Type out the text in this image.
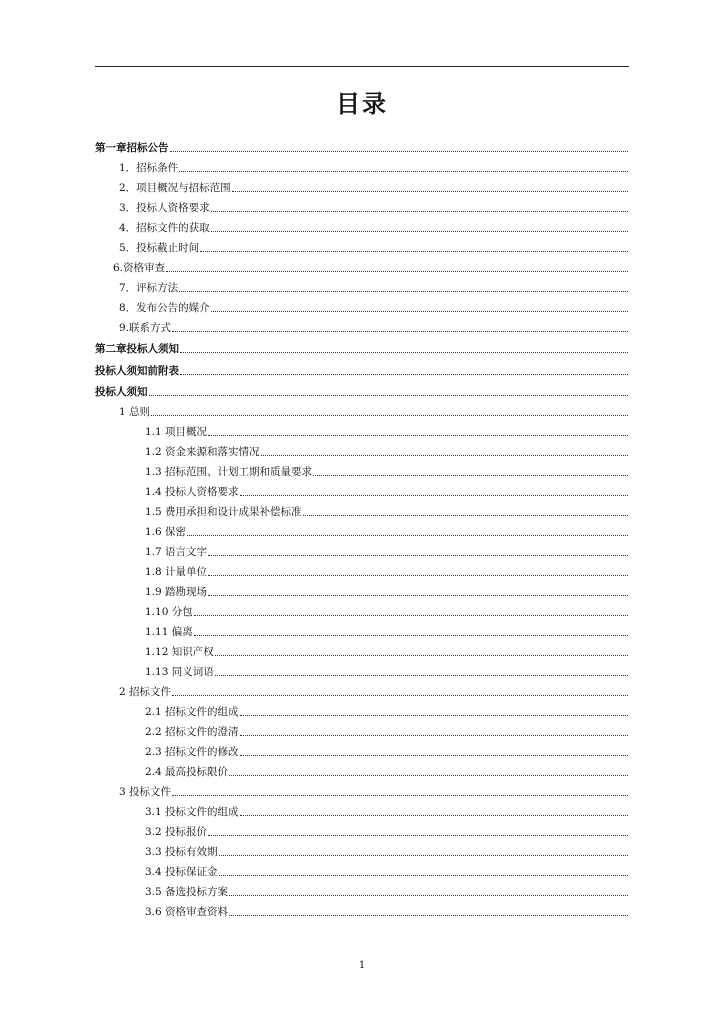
目录
第一章招标公告
1．招标条件
2．项目概况与招标范围
3．投标人资格要求
4．招标文件的获取
5．投标截止时间
6.资格审查
7．评标方法
8．发布公告的媒介
9.联系方式
第二章投标人须知
投标人须知前附表
投标人须知
1 总则
1.1 项目概况
1.2 资金来源和落实情况
1.3 招标范围、计划工期和质量要求
1.4 投标人资格要求
1.5 费用承担和设计成果补偿标准
1.6 保密
1.7 语言文字
1.8 计量单位
1.9 踏勘现场
1.10 分包
1.11 偏离
1.12 知识产权
1.13 同义词语
2 招标文件
2.1 招标文件的组成
2.2 招标文件的澄清
2.3 招标文件的修改
2.4 最高投标限价
3 投标文件
3.1 投标文件的组成
3.2 投标报价
3.3 投标有效期
3.4 投标保证金
3.5 备选投标方案
3.6 资格审查资料
1
